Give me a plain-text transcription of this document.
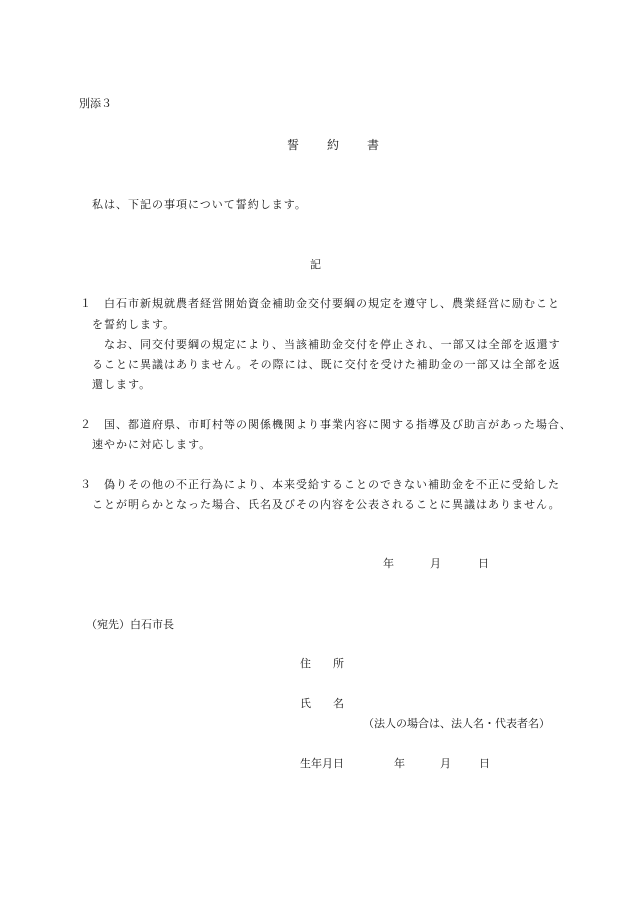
別添３
誓　約　書
私は、下記の事項について誓約します。
記
１ 白石市新規就農者経営開始資金補助金交付要綱の規定を遵守し、農業経営に励むこと
を誓約します。
なお、同交付要綱の規定により、当該補助金交付を停止され、一部又は全部を返還す
ることに異議はありません。その際には、既に交付を受けた補助金の一部又は全部を返
還します。
２ 国、都道府県、市町村等の関係機関より事業内容に関する指導及び助言があった場合、
速やかに対応します。
３ 偽りその他の不正行為により、本来受給することのできない補助金を不正に受給した
ことが明らかとなった場合、氏名及びその内容を公表されることに異議はありません。
年	月	日
（宛先）白石市長
住　　所
氏　　名
（法人の場合は、法人名・代表者名）
生年月日	年	月	日
